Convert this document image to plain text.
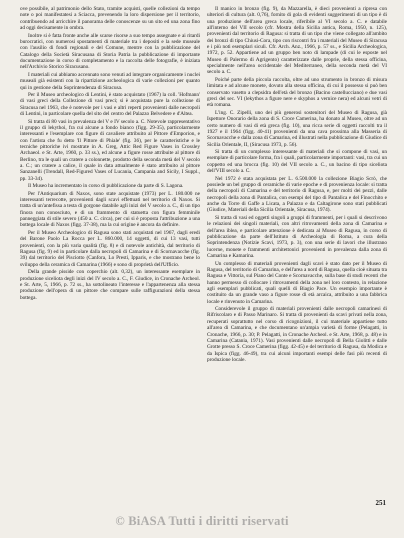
ove possibile, al patrimonio dello Stato, tramite acquisti, quelle collezioni da tempo note o poi manifestatesi a Sciacca, prevenendo la loro dispersione per il territorio, contribuendo ad arricchire il panorama delle conoscenze su un sito ed una zona fino ad oggi decisamente in ombra.

Inoltre si è fatta fronte anche alle scarse risorse a suo tempo assegnate e ai ritardi burocratici, con numerosi spostamenti di materiale tra i depositi e la sede museale con l'ausilio di fondi regionali e del Comune, mentre con la pubblicazione del Catalogo della Società Siracusana di Storia Patria la pubblicazione di importante documentazione in corso di completamento e la raccolta delle fotografie, è iniziata nell'Archivio Storico Siracusano.

I materiali cui abbiamo accennato sono venuti ad integrare organicamente i nuclei museali già esistenti con la ripartizione archeologica di varie collezioni per quanto qui in gestione della Soprintendenza di Siracusa.

Per il Museo archeologico di Lentini, è stato acquistato (1967) la coll. 'Hofmann' di vasi greci della Collezione di vasi preci; si è acquistata pure la collezione di Siracusa nel 1963, che è notevole per i vasi e altri reperti provenienti dalle necropoli di Lentini, in particolare quella del sito del centro del Palazzo Belvedere e d'Altea.

Si tratta di 80 vasi in prevalenza del V e IV secolo a. C. Notevole rappresentativo il gruppo di lekythoi, fra cui alcune a fondo bianco (figg. 29-35), particolarmente interessanti e l'esemplare con figure di cavaliere attribuito al Pittore d'Emporion, e con l'artista che fu detto 'Il Pittore di Phiale' (fig. 36), per le caratteristiche e le tecniche pittoriche ivi mostrate in A. Greg, Attic Red Figure Vases in Crossley Archaeol. e St. Arte, 1960, p. 33 ss.), ed alcune a figure rosse attribuite al pittore di Berlino, tra le quali un cratere a colonnette, prodotto della seconda metà del V secolo a. C.; un cratere a calice, il quale in data attualmente è stato attribuito al pittore Sanzanelli (Trendall, Red-Figured Vases of Lucania, Campania and Sicily, I Suppl., pp. 33-34).

Il Museo ha incrementato in corso di pubblicazione da parte di S. Lagona.

Per l'Antiquarium di Naxos, sono state acquistate (1973) per L. 180.000 ne interessanti terrecotte, provenienti dagli scavi effettuati nel territorio di Naxos. Si tratta di un'antefissa a testa di gorgone databile agli inizi del V secolo a. C., di un tipo finora non conosciuto, e di un frammento di statuetta con figura femminile panneggiata di stile severo (450 a. C. circa), per cui si è proposta l'attribuzione a una bottega locale di Naxos (figg. 37-38), ma la cui origine è ancora da definire.

Per il Museo Archeologico di Ragusa sono stati acquistati nel 1967, dagli eredi del Barone Paolo La Rocca per L. 860.000, 14 oggetti, di cui 13 vasi, tutti provenienti, con la più varia qualità (fig. 8) e di notevole antichità, dal territorio di Ragusa (fig. 9) ed in particolare dalla necropoli di Camarina e di Scornavacche (fig. 39) dal territorio del Pisciotto (Canfora, Lo Presti, Ipparis, e che mostrano bene lo sviluppo della ceramica di Camarina (1966) e sono di proprietà dell'Ufficio.

Della grande pisside con coperchio (alt. 0,32), un interessante esemplare in produzione siceliota degli inizi del IV secolo a. C., F. Giudice, in Cronache Archeol. e St. Arte, 5, 1966, p. 72 ss., ha sottolineato l'interesse e l'appartenenza alla stessa produzione dell'opera di un pittore che compare sulle raffigurazioni della stessa bottega.

Il manico in bronzo (fig. 9), da Mazzarella, è dieci provenienti a ripresa con ulteriori di cultura (alt. 0,76), fornito di gola di evidenti suggerimenti di un tipo è di una produzione dell'area greca locale, riferibile al VI secolo a. C. e databile all'interno del VII secolo (cfr. Mostra della Sicilia antica, Roma, 1950, n. 125), provenienti dal territorio di Ragusa: si tratta di un tipo che viene collegato all'ambito dei bronzi di tipo Chiusi-Cora, tipo con riscontri fra i materiali del Museo di Siracusa e i più noti esemplari siculi. Cfr. Arch. Anz., 1966, p. 57 ss., e Sicilia Archeologica, 1972, p. 52. Appartiene ad un gruppo ben noto di lampade (di cui le esposte nel Museo di Palermo di Agrigento) caratterizzate dalle proprie, della stessa officina, specialmente nell'area occidentale del Mediterraneo, della seconda metà del VI secolo a. C.

Poiché parte della piccola raccolta, oltre ad uno strumento in bronzo di misura limitata e ad alcune monete, dovuto alla stessa officina, di cui il possesso si può ben conservato vasetto a clepsidra dell'età del bronzo (Bacino castellucciano) e due vasi greci del sec. VI (lekythos a figure nere e skyphos a vernice nera) ed alcuni vetri di età romana.

L'ing. C. Zipelli, uno dei più generosi sostenitori del Museo di Ragusa, già Ispettore Onorario della zona di S. Croce Camerina, ha donato al Museo, oltre ad un certo numero di vasi di età greca (fig. 10), una ricca serie di oggetti raccolti tra il 1927 e il 1964 (figg. 40-41) provenienti da una cava prossima alla Masseria di Scornavacche e dalla zona di Camarina, ed illustrati nella pubblicazione di Giudice di Sicilia Orientale, II, (Siracusa 1973, p. 56).

Si tratta di un complesso interessante di materiali che si compone di vasi, un esemplare di particolare forma, fra i quali, particolarmente importanti: vasi, tra cui un coppetto ed una brocca (fig. 10) del VII secolo a. C., un bacino di tipo siceliota dell'VIII secolo a. C.

Nel 1972 è stata acquistata per L. 6.500.000 la collezione Biagio Scrò, che possiede un bel gruppo di ceramiche di varie epoche e di provenienza locale: si tratta della necropoli di Camarina e del territorio di Ragusa, e, per molti dei pezzi, dalle necropoli della zona di Pantalica, con esempi del tipo di Pantalica e del Finocchito e anche da Torre di Gaffe a Licata, a Palazzo e da Caltagirone sono stati pubblicati (Giudice, Materiali della Sicilia Orientale, Siracusa, 1974).

Si tratta di vasi ed oggetti singoli a gruppi di frammenti, per i quali si descrivono le relazioni dei singoli materiali, con altri ritrovamenti della zona di Camarina e dell'area iblea, e particolare attenzione è dedicata al Museo di Ragusa, in corso di pubblicazione da parte dell'Istituto di Archeologia di Roma, a cura della Soprintendenza (Notizie Scavi, 1973, p. 3), con una serie di lavori che illustrano lucerne, monete e frammenti architettonici provenienti in prevalenza dalla zona di Camarina e Kamarina.

Un complesso di materiali provenienti dagli scavi è stato dato per il Museo di Ragusa, del territorio di Camarina, e dell'area a nord di Ragusa, quella cioè situata tra Ragusa e Vittoria, sul Piano del Conte e Scornavacche, sulla base di studi recenti che hanno permesso di collocare i ritrovamenti della zona nel loro contesto, in relazione agli esemplari pubblicati, quali quelli di Biagio Pace. Un esempio importante è costituito da un grande vaso a figure rosse di età arcaica, attribuito a una fabbrica locale e rinvenuto in Camarina.

Considerevole il gruppo di materiali provenienti dalle necropoli camarinesi di Rifriscolaro e di Passo Marinaro. Si tratta di provenienti da scavi privati nella zona, recuperati soprattutto nel corso di ricognizioni, il cui materiale appartiene tutto all'area di Camarina, e che documentano un'ampia varietà di forme (Pelagatti, in Cronache, 1966, p. 30; P. Pelagatti, in Cronache Archeol. e St. Arte, 1968, p. 48) e in Camarina (Catania, 1971). Vasi provenienti dalle necropoli di Bella Giolitti e dalle Grotte presso S. Croce Camerina (figg. 42-45) e del territorio di Ragusa, da Modica e da Ispica (figg. 46-49), tra cui alcuni importanti esempi delle fasi più recenti di produzione locale.

251
© BiASA Tutti i diritti riservati
